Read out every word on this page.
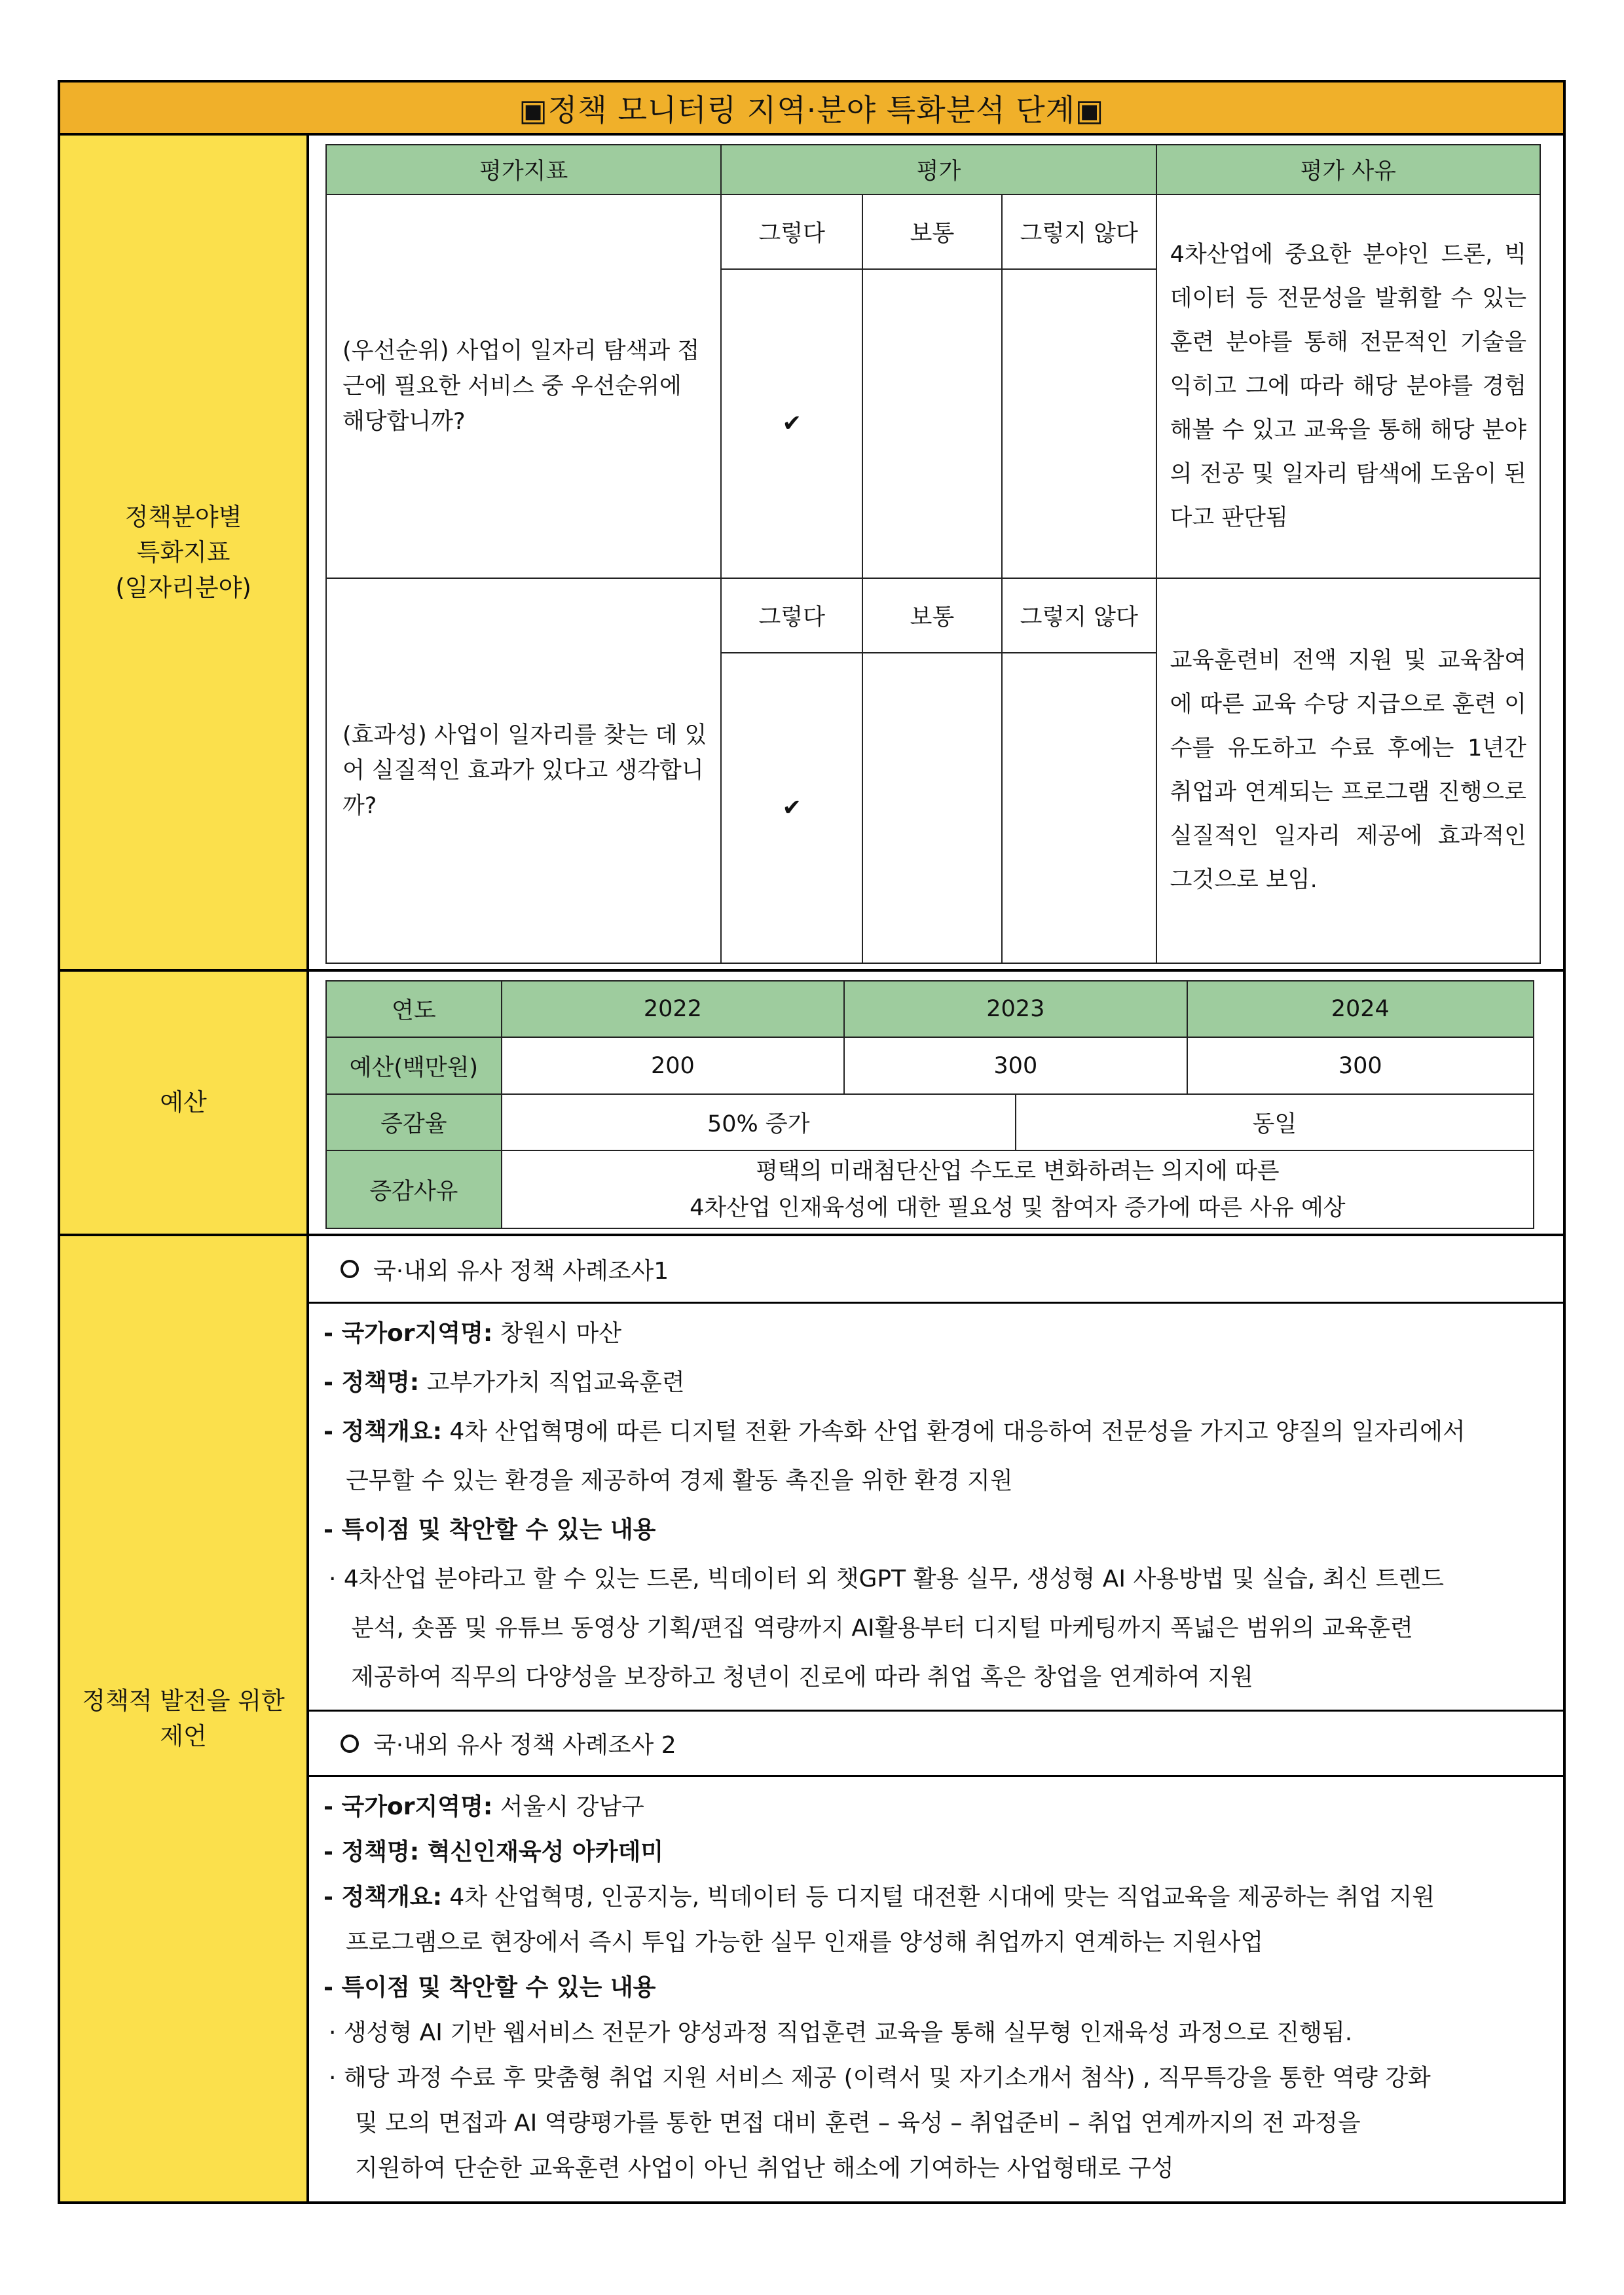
▣정책 모니터링 지역·분야 특화분석 단계▣
정책분야별
특화지표
(일자리분야)
평가지표	평가			평가 사유
(우선순위) 사업이 일자리 탐색과 접근에 필요한 서비스 중 우선순위에 해당합니까?	그렇다	보통	그렇지 않다	4차산업에 중요한 분야인 드론, 빅데이터 등 전문성을 발휘할 수 있는 훈련 분야를 통해 전문적인 기술을 익히고 그에 따라 해당 분야를 경험해볼 수 있고 교육을 통해 해당 분야의 전공 및 일자리 탐색에 도움이 된다고 판단됨
	✔			
(효과성) 사업이 일자리를 찾는 데 있어 실질적인 효과가 있다고 생각합니까?	그렇다	보통	그렇지 않다	교육훈련비 전액 지원 및 교육참여에 따른 교육 수당 지급으로 훈련 이수를 유도하고 수료 후에는 1년간 취업과 연계되는 프로그램 진행으로 실질적인 일자리 제공에 효과적인 그것으로 보임.
	✔			
예산
연도	2022	2023		2024
예산(백만원)	200	300		300
증감율	50% 증가		동일	
증감사유	평택의 미래첨단산업 수도로 변화하려는 의지에 따른
4차산업 인재육성에 대한 필요성 및 참여자 증가에 따른 사유 예상			
정책적 발전을 위한
제언
국·내외 유사 정책 사례조사1
- 국가or지역명: 창원시 마산
- 정책명: 고부가가치 직업교육훈련
- 정책개요: 4차 산업혁명에 따른 디지털 전환 가속화 산업 환경에 대응하여 전문성을 가지고 양질의 일자리에서
근무할 수 있는 환경을 제공하여 경제 활동 촉진을 위한 환경 지원
- 특이점 및 착안할 수 있는 내용
· 4차산업 분야라고 할 수 있는 드론, 빅데이터 외 챗GPT 활용 실무, 생성형 AI 사용방법 및 실습, 최신 트렌드
분석, 숏폼 및 유튜브 동영상 기획/편집 역량까지 AI활용부터 디지털 마케팅까지 폭넓은 범위의 교육훈련
제공하여 직무의 다양성을 보장하고 청년이 진로에 따라 취업 혹은 창업을 연계하여 지원
국·내외 유사 정책 사례조사 2
- 국가or지역명: 서울시 강남구
- 정책명: 혁신인재육성 아카데미
- 정책개요: 4차 산업혁명, 인공지능, 빅데이터 등 디지털 대전환 시대에 맞는 직업교육을 제공하는 취업 지원
프로그램으로 현장에서 즉시 투입 가능한 실무 인재를 양성해 취업까지 연계하는 지원사업
- 특이점 및 착안할 수 있는 내용
· 생성형 AI 기반 웹서비스 전문가 양성과정 직업훈련 교육을 통해 실무형 인재육성 과정으로 진행됨.
· 해당 과정 수료 후 맞춤형 취업 지원 서비스 제공 (이력서 및 자기소개서 첨삭) , 직무특강을 통한 역량 강화
및 모의 면접과 AI 역량평가를 통한 면접 대비 훈련 – 육성 – 취업준비 – 취업 연계까지의 전 과정을
지원하여 단순한 교육훈련 사업이 아닌 취업난 해소에 기여하는 사업형태로 구성
